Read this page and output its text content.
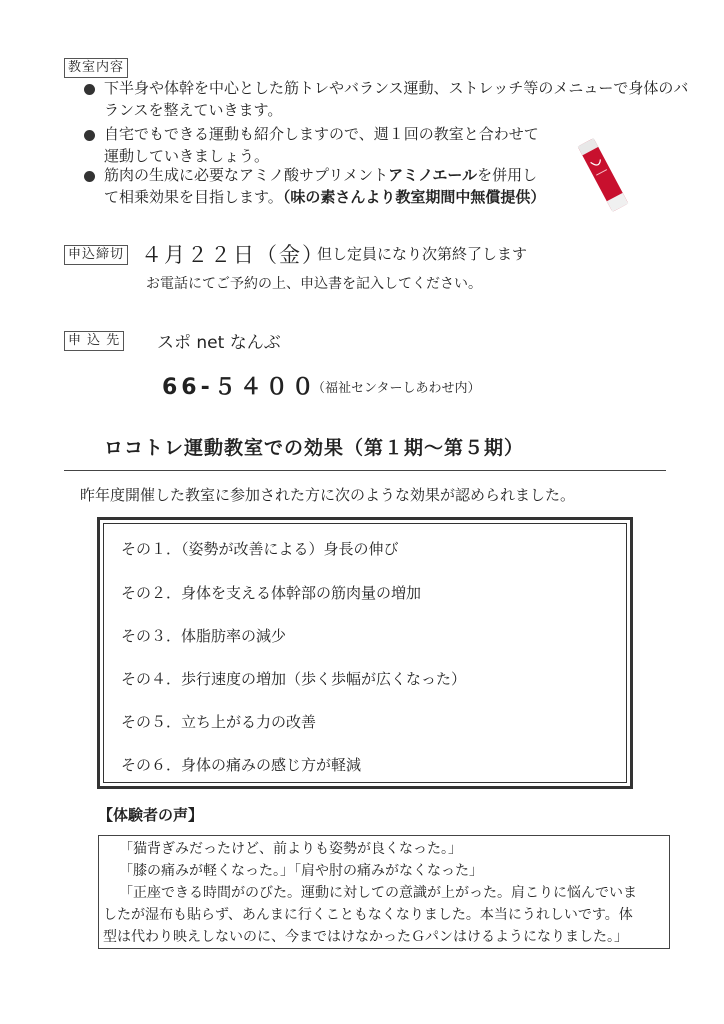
教室内容
下半身や体幹を中心とした筋トレやバランス運動、ストレッチ等のメニューで身体のバ
ランスを整えていきます。
自宅でもできる運動も紹介しますので、週１回の教室と合わせて
運動していきましょう。
筋肉の生成に必要なアミノ酸サプリメントアミノエールを併用し
て相乗効果を目指します。（味の素さんより教室期間中無償提供）
申込締切 ４月２２日（金）
但し定員になり次第終了します
お電話にてご予約の上、申込書を記入してください。
申 込 先 スポ net なんぶ
66-５４００
（福祉センターしあわせ内）
ロコトレ運動教室での効果（第１期～第５期）
昨年度開催した教室に参加された方に次のような効果が認められました。
その１．（姿勢が改善による）身長の伸び
その２．身体を支える体幹部の筋肉量の増加
その３．体脂肪率の減少
その４．歩行速度の増加（歩く歩幅が広くなった）
その５．立ち上がる力の改善
その６．身体の痛みの感じ方が軽減
【体験者の声】
「猫背ぎみだったけど、前よりも姿勢が良くなった。」
「膝の痛みが軽くなった。」「肩や肘の痛みがなくなった」
「正座できる時間がのびた。運動に対しての意識が上がった。肩こりに悩んでいま
したが湿布も貼らず、あんまに行くこともなくなりました。本当にうれしいです。体
型は代わり映えしないのに、今まではけなかったＧパンはけるようになりました。」
